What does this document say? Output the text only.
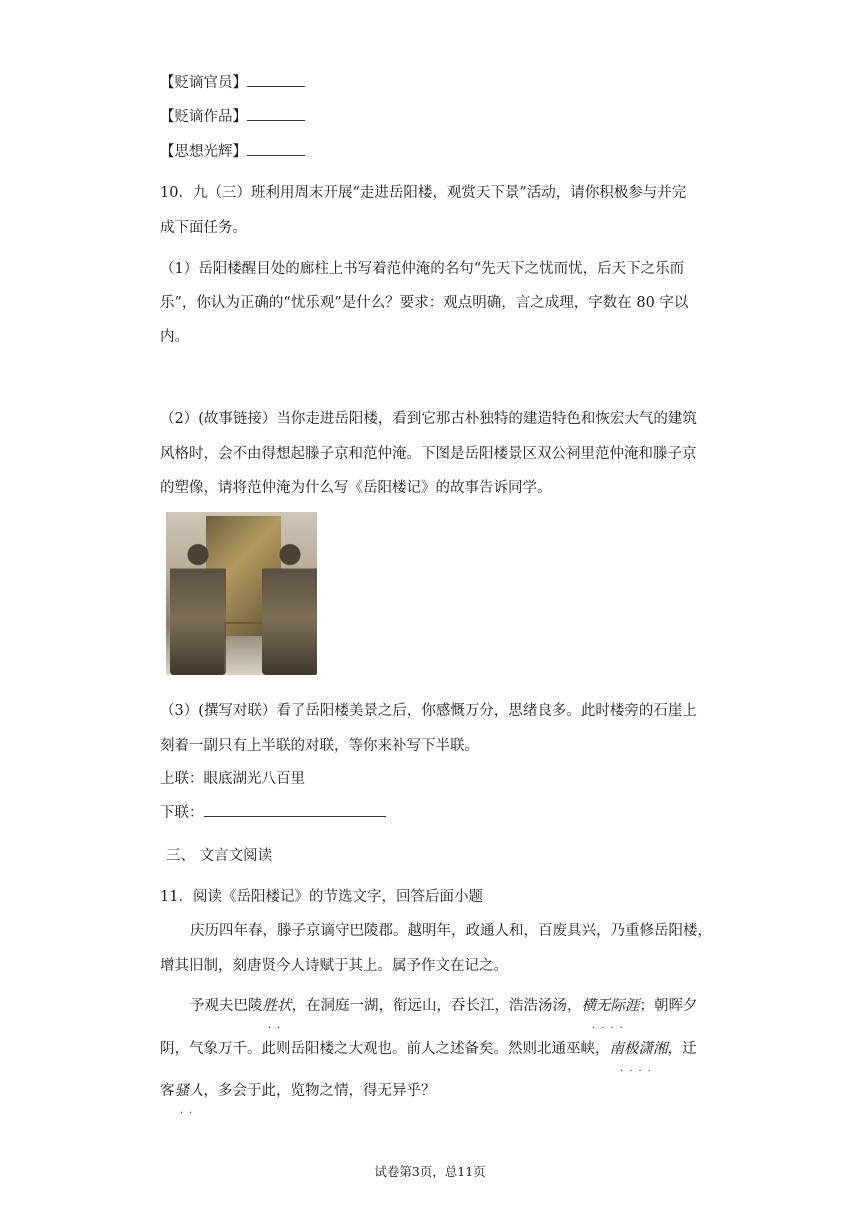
【贬谪官员】
【贬谪作品】
【思想光辉】
10．九（三）班利用周末开展“走进岳阳楼，观赏天下景”活动，请你积极参与并完
成下面任务。
（1）岳阳楼醒目处的廊柱上书写着范仲淹的名句“先天下之忧而忧，后天下之乐而
乐”，你认为正确的“忧乐观”是什么？要求：观点明确，言之成理，字数在 80 字以
内。
（2）(故事链接）当你走进岳阳楼，看到它那古朴独特的建造特色和恢宏大气的建筑
风格时，会不由得想起滕子京和范仲淹。下图是岳阳楼景区双公祠里范仲淹和滕子京
的塑像，请将范仲淹为什么写《岳阳楼记》的故事告诉同学。
（3）(撰写对联）看了岳阳楼美景之后，你感慨万分，思绪良多。此时楼旁的石崖上
刻着一副只有上半联的对联，等你来补写下半联。
上联：眼底湖光八百里
下联：
三、 文言文阅读
11．阅读《岳阳楼记》的节选文字，回答后面小题
庆历四年春，滕子京谪守巴陵郡。越明年，政通人和，百废具兴，乃重修岳阳楼，
增其旧制，刻唐贤今人诗赋于其上。属予作文在记之。
予观夫巴陵胜状
··
，在洞庭一湖，衔远山，吞长江，浩浩汤汤，横无际涯
····
；朝晖夕
阴，气象万千。此则岳阳楼之大观也。前人之述备矣。然则北通巫峡，南极潇湘
····
，迁
客骚人
··
，多会于此，览物之情，得无异乎？
试卷第3页，总11页
